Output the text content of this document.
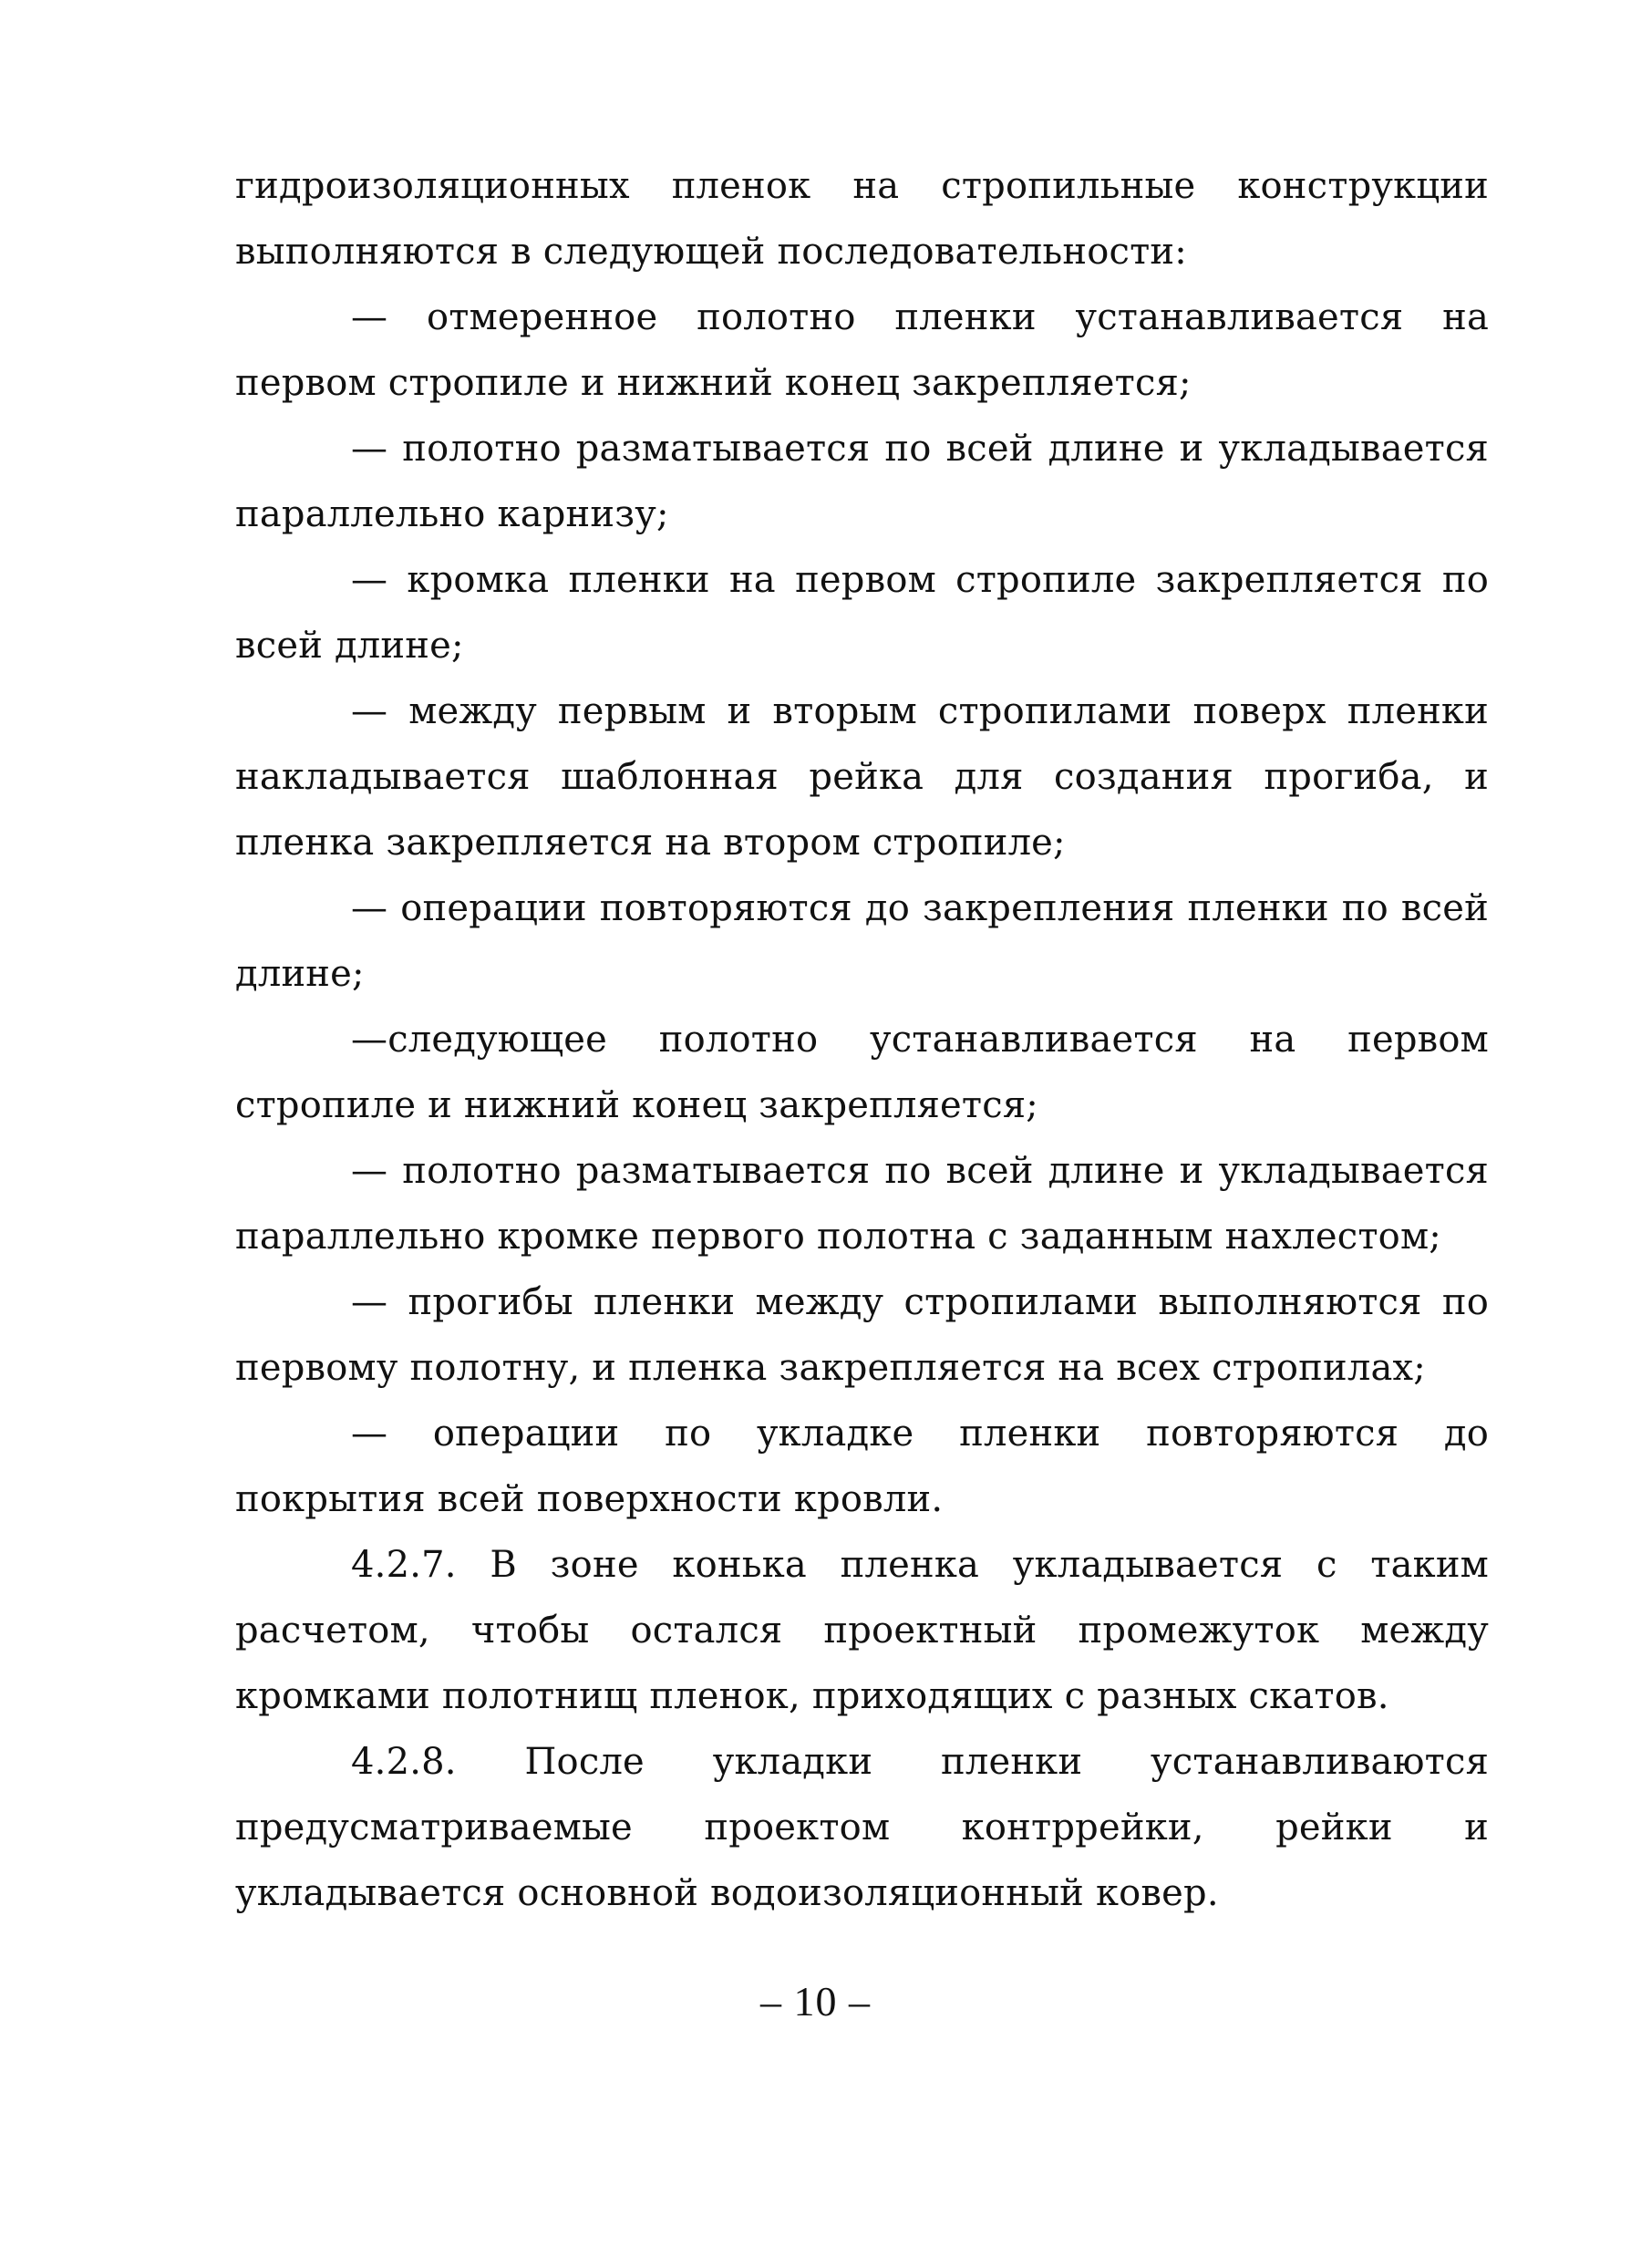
гидроизоляционных пленок на стропильные конструкции выполняются в следующей последовательности:

— отмеренное полотно пленки устанавливается на первом стропиле и нижний конец закрепляется;

— полотно разматывается по всей длине и укладывается параллельно карнизу;

— кромка пленки на первом стропиле закрепляется по всей длине;

— между первым и вторым стропилами поверх пленки накладывается шаблонная рейка для создания прогиба, и пленка закрепляется на втором стропиле;

— операции повторяются до закрепления пленки по всей длине;

—следующее полотно устанавливается на первом стропиле и нижний конец закрепляется;

— полотно разматывается по всей длине и укладывается параллельно кромке первого полотна с заданным нахлестом;

— прогибы пленки между стропилами выполняются по первому полотну, и пленка закрепляется на всех стропилах;

— операции по укладке пленки повторяются до покрытия всей поверхности кровли.

4.2.7. В зоне конька пленка укладывается с таким расчетом, чтобы остался проектный промежуток между кромками полотнищ пленок, приходящих с разных скатов.

4.2.8. После укладки пленки устанавливаются предусматриваемые проектом контррейки, рейки и укладывается основной водоизоляционный ковер.

– 10 –
